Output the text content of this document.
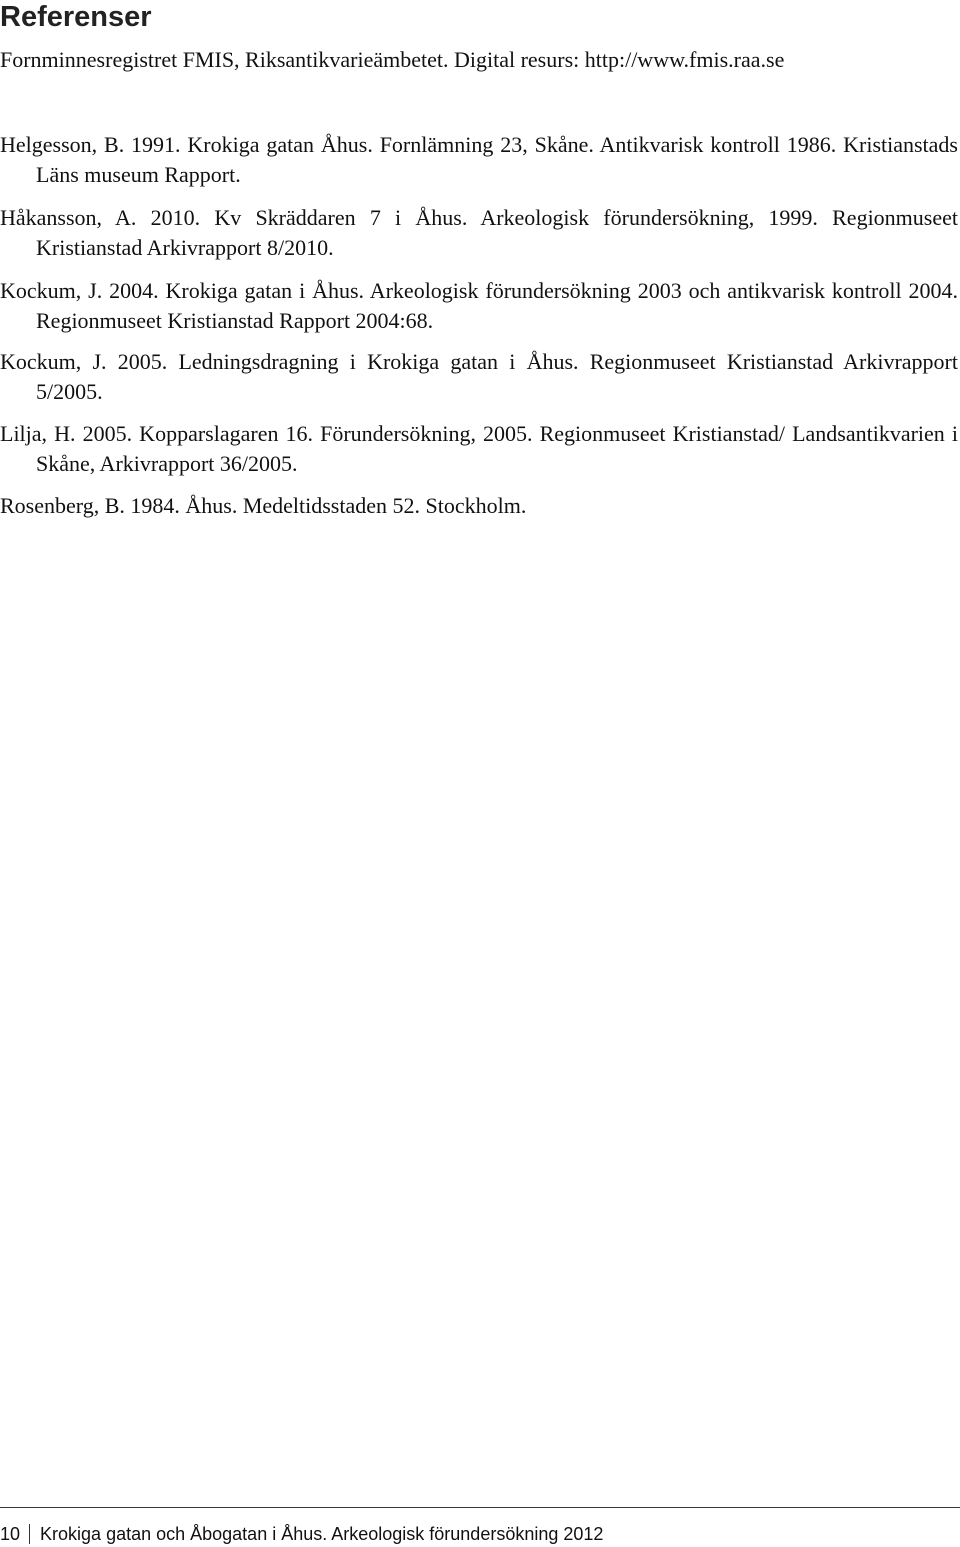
Referenser

Fornminnesregistret FMIS, Riksantikvarieämbetet. Digital resurs: http://www.fmis.raa.se

Helgesson, B. 1991. Krokiga gatan Åhus. Fornlämning 23, Skåne. Antikvarisk kontroll 1986. Kristianstads Läns museum Rapport.

Håkansson, A. 2010. Kv Skräddaren 7 i Åhus. Arkeologisk förundersökning, 1999. Regionmuseet Kristianstad Arkivrapport 8/2010.

Kockum, J. 2004. Krokiga gatan i Åhus. Arkeologisk förundersökning 2003 och antikvarisk kontroll 2004. Regionmuseet Kristianstad Rapport 2004:68.

Kockum, J. 2005. Ledningsdragning i Krokiga gatan i Åhus. Regionmuseet Kristianstad Arkivrapport 5/2005.

Lilja, H. 2005. Kopparslagaren 16. Förundersökning, 2005. Regionmuseet Kristianstad/ Landsantikvarien i Skåne, Arkivrapport 36/2005.

Rosenberg, B. 1984. Åhus. Medeltidsstaden 52. Stockholm.

10 Krokiga gatan och Åbogatan i Åhus. Arkeologisk förundersökning 2012
